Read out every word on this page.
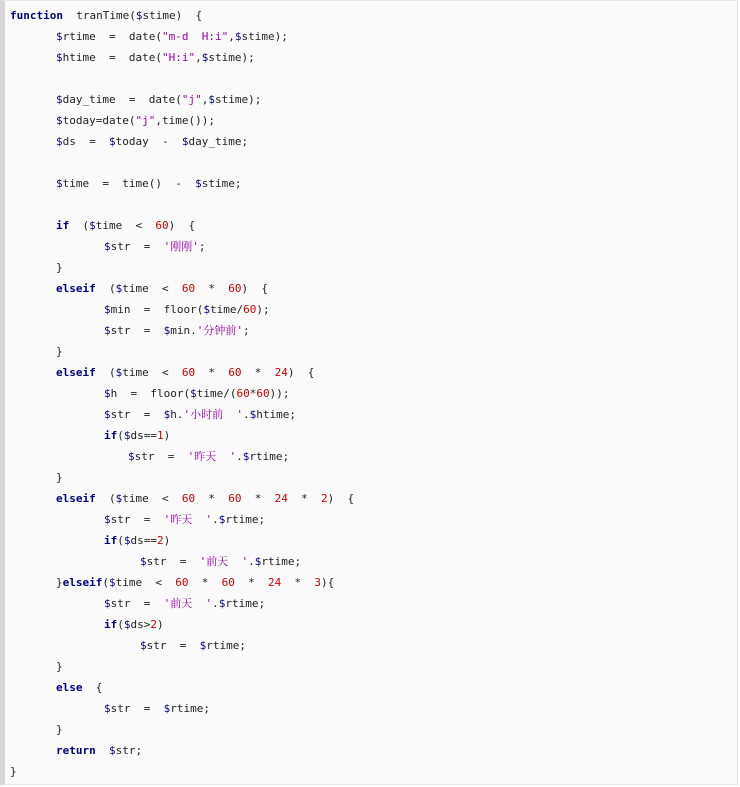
function  tranTime($stime)  {
$rtime  =  date("m-d  H:i",$stime);
$htime  =  date("H:i",$stime);
$day_time  =  date("j",$stime);
$today=date("j",time());
$ds  =  $today  -  $day_time;
$time  =  time()  -  $stime;
if  ($time  <  60)  {
$str  =  '刚刚';
}
elseif  ($time  <  60  *  60)  {
$min  =  floor($time/60);
$str  =  $min.'分钟前';
}
elseif  ($time  <  60  *  60  *  24)  {
$h  =  floor($time/(60*60));
$str  =  $h.'小时前  '.$htime;
if($ds==1)
$str  =  '昨天  '.$rtime;
}
elseif  ($time  <  60  *  60  *  24  *  2)  {
$str  =  '昨天  '.$rtime;
if($ds==2)
$str  =  '前天  '.$rtime;
}elseif($time  <  60  *  60  *  24  *  3){
$str  =  '前天  '.$rtime;
if($ds>2)
$str  =  $rtime;
}
else  {
$str  =  $rtime;
}
return $str;
}
